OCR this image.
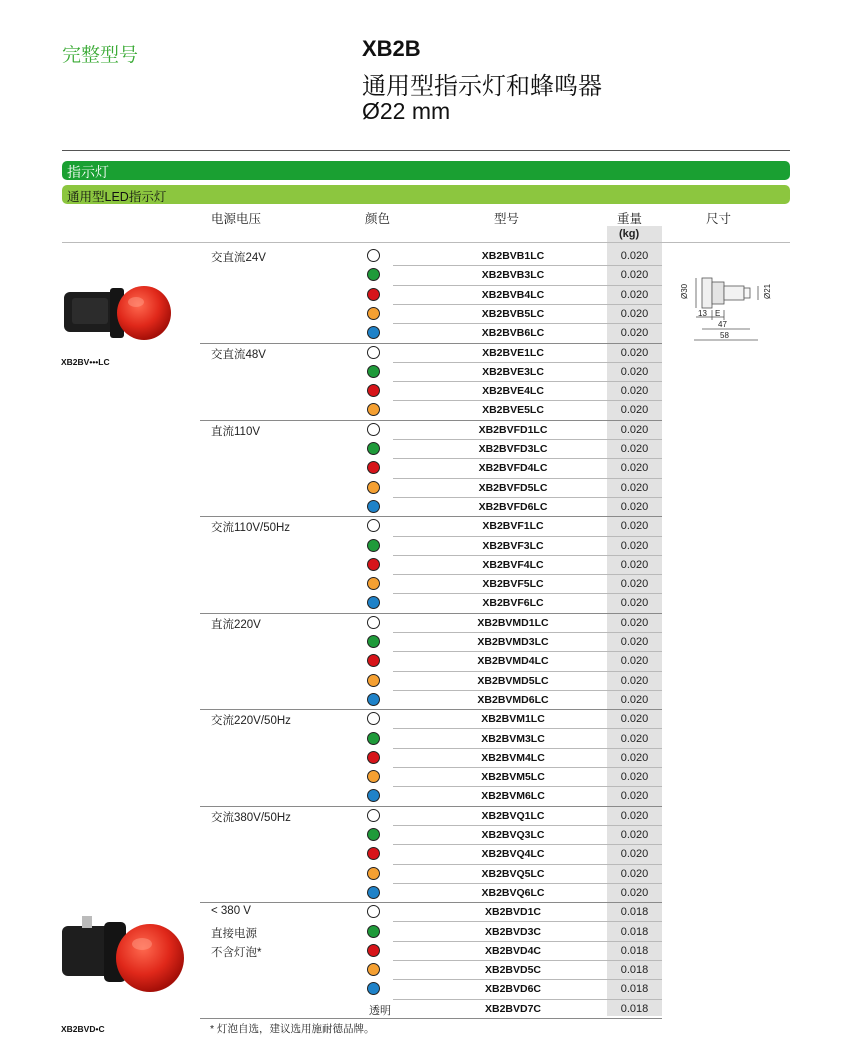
完整型号	XB2B
通用型指示灯和蜂鸣器
Ø22 mm
指示灯
通用型LED指示灯
电源电压	颜色	型号	重量
(kg)
尺寸
交直流24V	XB2BVB1LC	0.020
XB2BVB3LC	0.020
XB2BVB4LC	0.020
XB2BVB5LC	0.020
XB2BVB6LC	0.020
交直流48V	XB2BVE1LC	0.020
XB2BVE3LC	0.020
XB2BVE4LC	0.020
XB2BVE5LC	0.020
直流110V	XB2BVFD1LC	0.020
XB2BVFD3LC	0.020
XB2BVFD4LC	0.020
XB2BVFD5LC	0.020
XB2BVFD6LC	0.020
交流110V/50Hz	XB2BVF1LC	0.020
XB2BVF3LC	0.020
XB2BVF4LC	0.020
XB2BVF5LC	0.020
XB2BVF6LC	0.020
直流220V	XB2BVMD1LC	0.020
XB2BVMD3LC	0.020
XB2BVMD4LC	0.020
XB2BVMD5LC	0.020
XB2BVMD6LC	0.020
交流220V/50Hz	XB2BVM1LC	0.020
XB2BVM3LC	0.020
XB2BVM4LC	0.020
XB2BVM5LC	0.020
XB2BVM6LC	0.020
交流380V/50Hz	XB2BVQ1LC	0.020
XB2BVQ3LC	0.020
XB2BVQ4LC	0.020
XB2BVQ5LC	0.020
XB2BVQ6LC	0.020
< 380 V
直接电源
不含灯泡*
XB2BVD1C	0.018
XB2BVD3C	0.018
XB2BVD4C	0.018
XB2BVD5C	0.018
XB2BVD6C	0.018
透明	XB2BVD7C	0.018
XB2BV•••LC
XB2BVD•C
Ø30	Ø21
13 E
47
58
* 灯泡自选，建议选用施耐德品牌。
